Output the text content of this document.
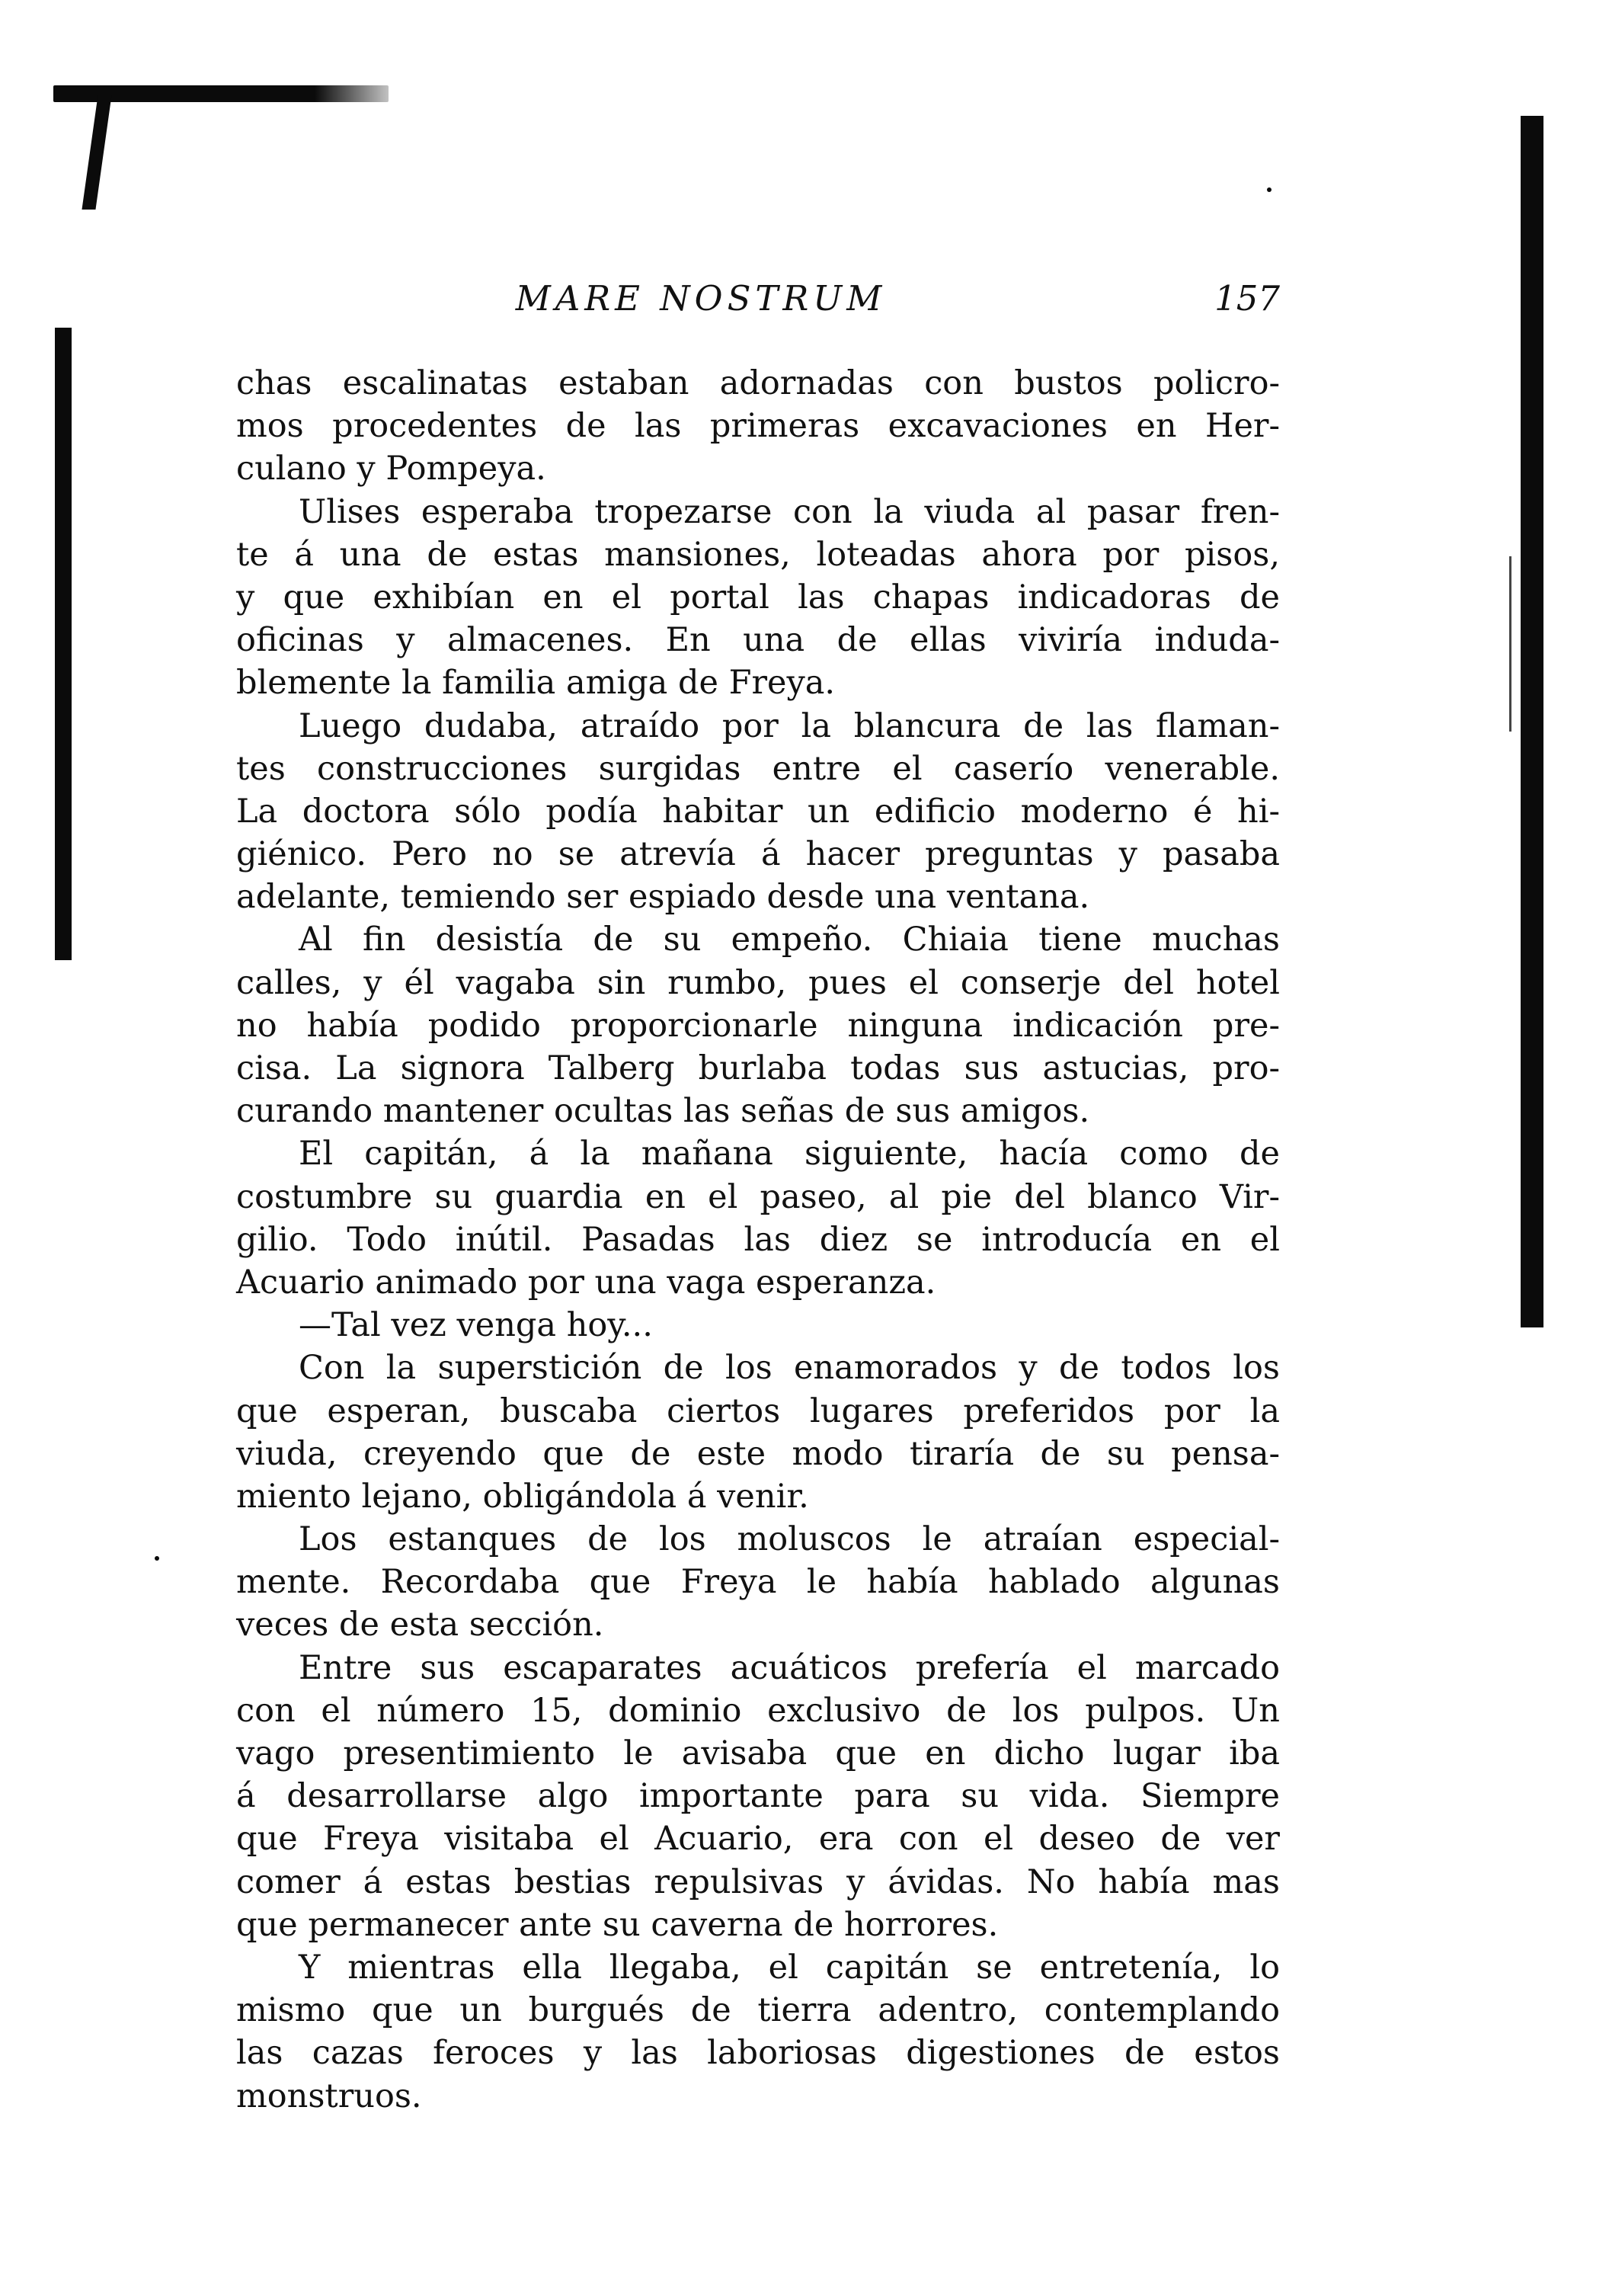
MARE NOSTRUM	157
chas escalinatas estaban adornadas con bustos policro-
mos procedentes de las primeras excavaciones en Her-
culano y Pompeya.
Ulises esperaba tropezarse con la viuda al pasar fren-
te á una de estas mansiones, loteadas ahora por pisos,
y que exhibían en el portal las chapas indicadoras de
oficinas y almacenes. En una de ellas viviría induda-
blemente la familia amiga de Freya.
Luego dudaba, atraído por la blancura de las flaman-
tes construcciones surgidas entre el caserío venerable.
La doctora sólo podía habitar un edificio moderno é hi-
giénico. Pero no se atrevía á hacer preguntas y pasaba
adelante, temiendo ser espiado desde una ventana.
Al fin desistía de su empeño. Chiaia tiene muchas
calles, y él vagaba sin rumbo, pues el conserje del hotel
no había podido proporcionarle ninguna indicación pre-
cisa. La signora Talberg burlaba todas sus astucias, pro-
curando mantener ocultas las señas de sus amigos.
El capitán, á la mañana siguiente, hacía como de
costumbre su guardia en el paseo, al pie del blanco Vir-
gilio. Todo inútil. Pasadas las diez se introducía en el
Acuario animado por una vaga esperanza.
—Tal vez venga hoy...
Con la superstición de los enamorados y de todos los
que esperan, buscaba ciertos lugares preferidos por la
viuda, creyendo que de este modo tiraría de su pensa-
miento lejano, obligándola á venir.
Los estanques de los moluscos le atraían especial-
mente. Recordaba que Freya le había hablado algunas
veces de esta sección.
Entre sus escaparates acuáticos prefería el marcado
con el número 15, dominio exclusivo de los pulpos. Un
vago presentimiento le avisaba que en dicho lugar iba
á desarrollarse algo importante para su vida. Siempre
que Freya visitaba el Acuario, era con el deseo de ver
comer á estas bestias repulsivas y ávidas. No había mas
que permanecer ante su caverna de horrores.
Y mientras ella llegaba, el capitán se entretenía, lo
mismo que un burgués de tierra adentro, contemplando
las cazas feroces y las laboriosas digestiones de estos
monstruos.
